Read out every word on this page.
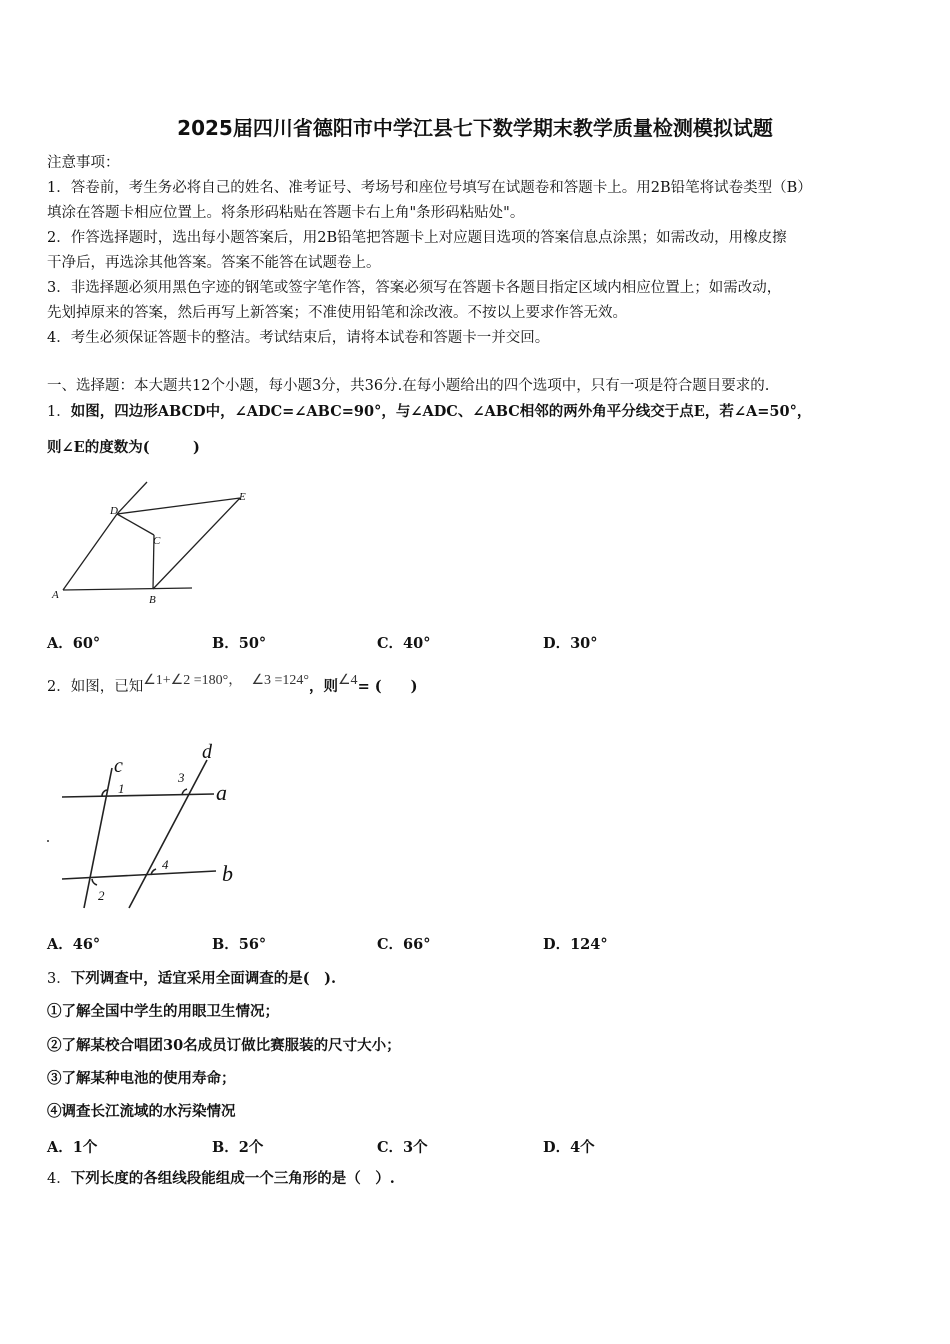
2025届四川省德阳市中学江县七下数学期末教学质量检测模拟试题
注意事项：
1．答卷前，考生务必将自己的姓名、准考证号、考场号和座位号填写在试题卷和答题卡上。用2B铅笔将试卷类型（B）
填涂在答题卡相应位置上。将条形码粘贴在答题卡右上角"条形码粘贴处"。
2．作答选择题时，选出每小题答案后，用2B铅笔把答题卡上对应题目选项的答案信息点涂黑；如需改动，用橡皮擦
干净后，再选涂其他答案。答案不能答在试题卷上。
3．非选择题必须用黑色字迹的钢笔或签字笔作答，答案必须写在答题卡各题目指定区域内相应位置上；如需改动，
先划掉原来的答案，然后再写上新答案；不准使用铅笔和涂改液。不按以上要求作答无效。
4．考生必须保证答题卡的整洁。考试结束后，请将本试卷和答题卡一并交回。
一、选择题：本大题共12个小题，每小题3分，共36分.在每小题给出的四个选项中，只有一项是符合题目要求的.
1．如图，四边形ABCD中，∠ADC=∠ABC=90°，与∠ADC、∠ABC相邻的两外角平分线交于点E，若∠A=50°，
则∠E的度数为(　　　)
A	B
C
D
E
A．60°	B．50°	C．40°	D．30°
2．如图，已知∠1+∠2 =180°， ∠3 =124°，则∠4= (　　)
c
d
a
b
1
2
3
4
A．46°	B．56°	C．66°	D．124°
3．下列调查中，适宜采用全面调查的是(　).
①了解全国中学生的用眼卫生情况；
②了解某校合唱团30名成员订做比赛服装的尺寸大小；
③了解某种电池的使用寿命；
④调查长江流域的水污染情况
A．1个	B．2个	C．3个	D．4个
4．下列长度的各组线段能组成一个三角形的是（　）.
